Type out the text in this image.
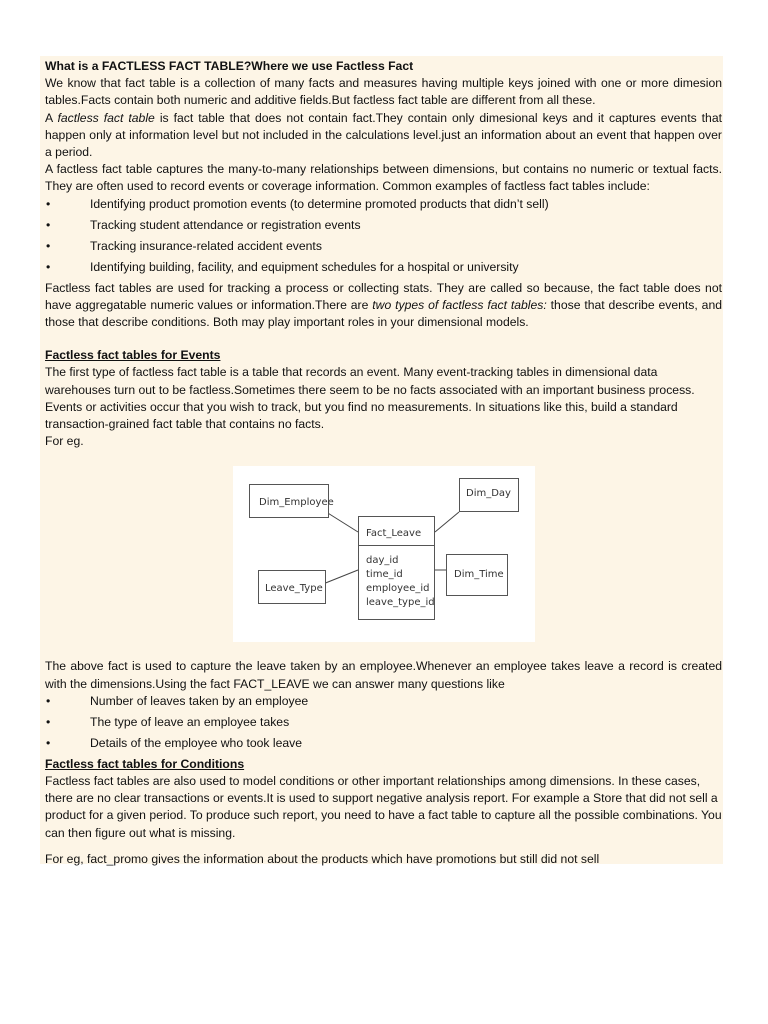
What is a FACTLESS FACT TABLE?Where we use Factless Fact

We know that fact table is a collection of many facts and measures having multiple keys joined with one or more dimesion tables.Facts contain both numeric and additive fields.But factless fact table are different from all these.

A factless fact table is fact table that does not contain fact.They contain only dimesional keys and it captures events that happen only at information level but not included in the calculations level.just an information about an event that happen over a period.

A factless fact table captures the many-to-many relationships between dimensions, but contains no numeric or textual facts. They are often used to record events or coverage information. Common examples of factless fact tables include:

•	Identifying product promotion events (to determine promoted products that didn’t sell)
•	Tracking student attendance or registration events
•	Tracking insurance-related accident events
•	Identifying building, facility, and equipment schedules for a hospital or university

Factless fact tables are used for tracking a process or collecting stats. They are called so because, the fact table does not have aggregatable numeric values or information.There are two types of factless fact tables: those that describe events, and those that describe conditions. Both may play important roles in your dimensional models.

Factless fact tables for Events

The first type of factless fact table is a table that records an event. Many event-tracking tables in dimensional data warehouses turn out to be factless.Sometimes there seem to be no facts associated with an important business process. Events or activities occur that you wish to track, but you find no measurements. In situations like this, build a standard transaction-grained fact table that contains no facts.

For eg.

Dim_Employee
Dim_Day
Fact_Leave
day_id
time_id
employee_id
leave_type_id
Leave_Type
Dim_Time

The above fact is used to capture the leave taken by an employee.Whenever an employee takes leave a record is created with the dimensions.Using the fact FACT_LEAVE we can answer many questions like

•	Number of leaves taken by an employee
•	The type of leave an employee takes
•	Details of the employee who took leave

Factless fact tables for Conditions

Factless fact tables are also used to model conditions or other important relationships among dimensions. In these cases, there are no clear transactions or events.It is used to support negative analysis report. For example a Store that did not sell a product for a given period. To produce such report, you need to have a fact table to capture all the possible combinations. You can then figure out what is missing.

For eg, fact_promo gives the information about the products which have promotions but still did not sell
